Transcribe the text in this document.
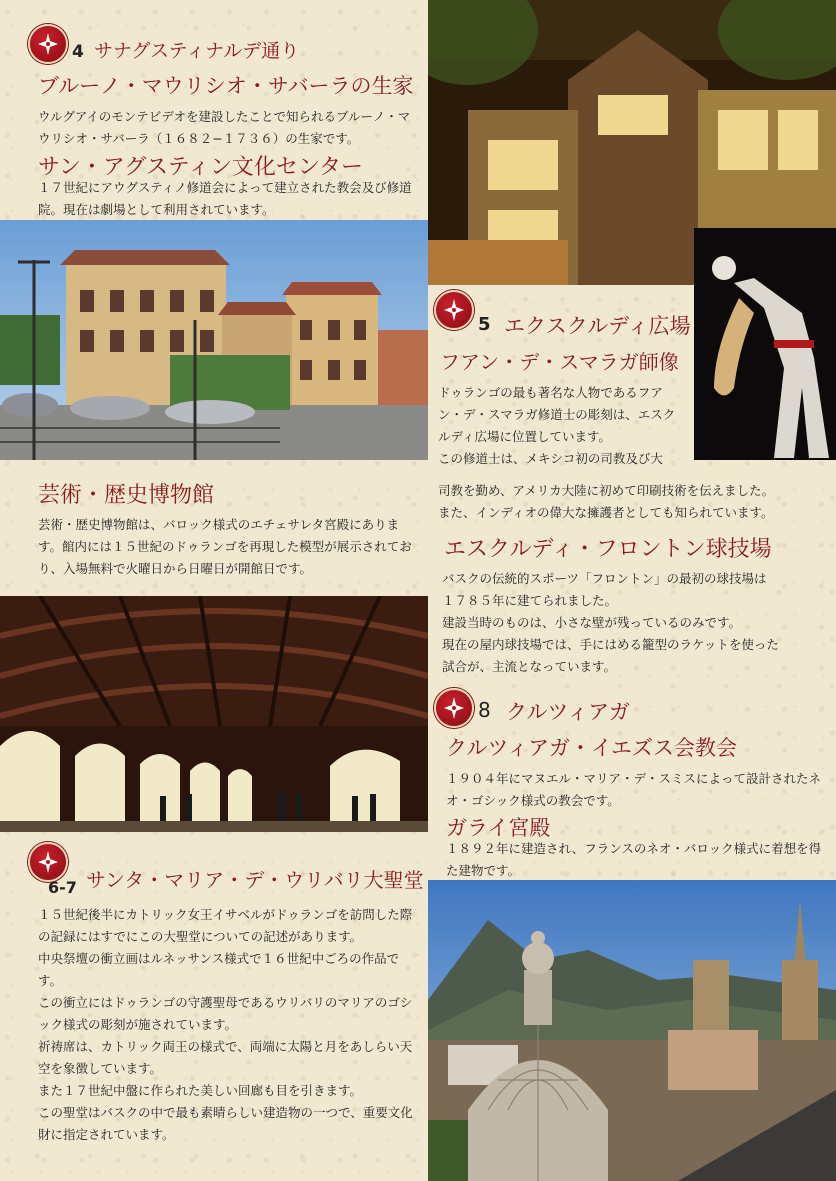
4 サナグスティナルデ通り
ブルーノ・マウリシオ・サバーラの生家
ウルグアイのモンテビデオを建設したことで知られるブルーノ・マウリシオ・サバーラ（１６８２−１７３６）の生家です。
サン・アグスティン文化センター
１７世紀にアウグスティノ修道会によって建立された教会及び修道院。現在は劇場として利用されています。
芸術・歴史博物館
芸術・歴史博物館は、バロック様式のエチェサレタ宮殿にあります。館内には１５世紀のドゥランゴを再現した模型が展示されており、入場無料で火曜日から日曜日が開館日です。
6-7 サンタ・マリア・デ・ウリバリ大聖堂
１５世紀後半にカトリック女王イサベルがドゥランゴを訪問した際の記録にはすでにこの大聖堂についての記述があります。
中央祭壇の衝立画はルネッサンス様式で１６世紀中ごろの作品です。
この衝立にはドゥランゴの守護聖母であるウリバリのマリアのゴシック様式の彫刻が施されています。
祈祷席は、カトリック両王の様式で、両端に太陽と月をあしらい天空を象徴しています。
また１７世紀中盤に作られた美しい回廊も目を引きます。
この聖堂はバスクの中で最も素晴らしい建造物の一つで、重要文化財に指定されています。
5 エクスクルディ広場
フアン・デ・スマラガ師像
ドゥランゴの最も著名な人物であるフアン・デ・スマラガ修道士の彫刻は、エスクルディ広場に位置しています。
この修道士は、メキシコ初の司教及び大
司教を勤め、アメリカ大陸に初めて印刷技術を伝えました。
また、インディオの偉大な擁護者としても知られています。
エスクルディ・フロントン球技場
バスクの伝統的スポーツ「フロントン」の最初の球技場は
１７８５年に建てられました。
建設当時のものは、小さな壁が残っているのみです。
現在の屋内球技場では、手にはめる籠型のラケットを使った
試合が、主流となっています。
8 クルツィアガ
クルツィアガ・イエズス会教会
１９０４年にマヌエル・マリア・デ・スミスによって設計されたネオ・ゴシック様式の教会です。
ガライ宮殿
１８９２年に建造され、フランスのネオ・バロック様式に着想を得た建物です。
